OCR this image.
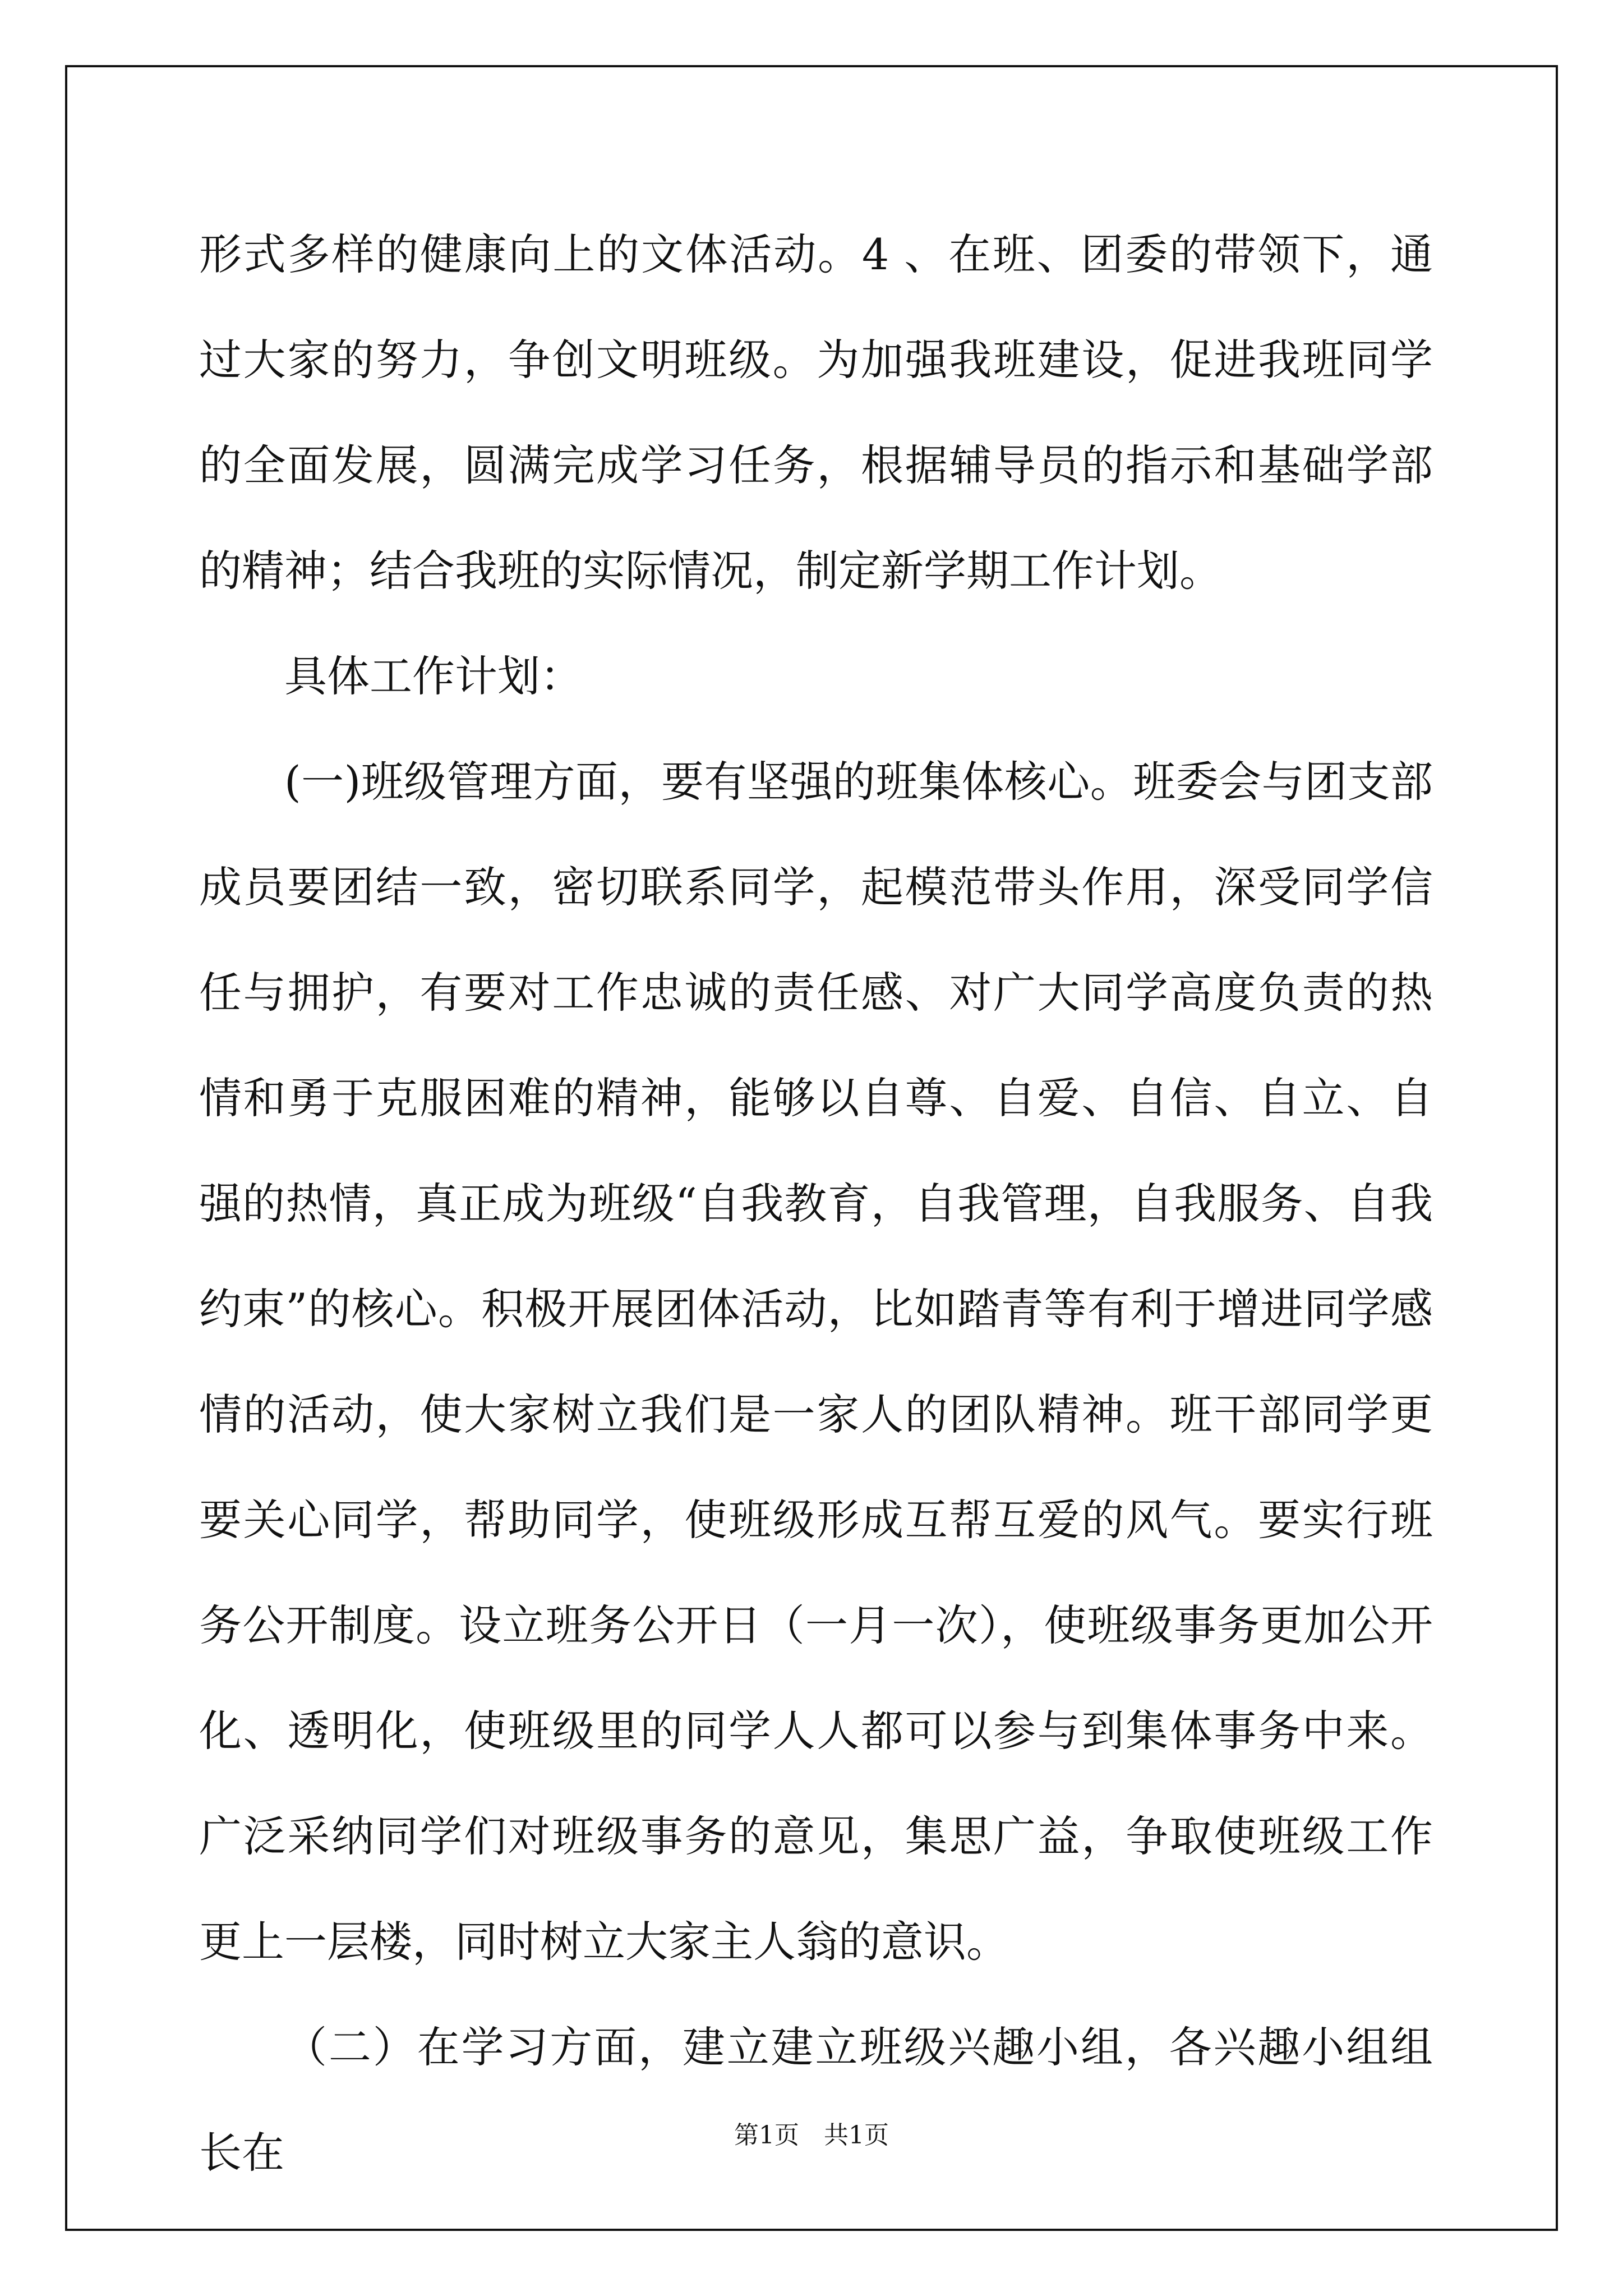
形式多样的健康向上的文体活动。4 、在班、团委的带领下，通过大家的努力，争创文明班级。为加强我班建设，促进我班同学的全面发展，圆满完成学习任务，根据辅导员的指示和基础学部的精神；结合我班的实际情况，制定新学期工作计划。

具体工作计划：

(一)班级管理方面，要有坚强的班集体核心。班委会与团支部成员要团结一致，密切联系同学，起模范带头作用，深受同学信任与拥护，有要对工作忠诚的责任感、对广大同学高度负责的热情和勇于克服困难的精神，能够以自尊、自爱、自信、自立、自强的热情，真正成为班级“自我教育，自我管理，自我服务、自我约束”的核心。积极开展团体活动，比如踏青等有利于增进同学感情的活动，使大家树立我们是一家人的团队精神。班干部同学更要关心同学，帮助同学，使班级形成互帮互爱的风气。要实行班务公开制度。设立班务公开日（一月一次），使班级事务更加公开化、透明化，使班级里的同学人人都可以参与到集体事务中来。广泛采纳同学们对班级事务的意见，集思广益，争取使班级工作更上一层楼，同时树立大家主人翁的意识。

（二）在学习方面，建立建立班级兴趣小组，各兴趣小组组长在	第1页 共1页
